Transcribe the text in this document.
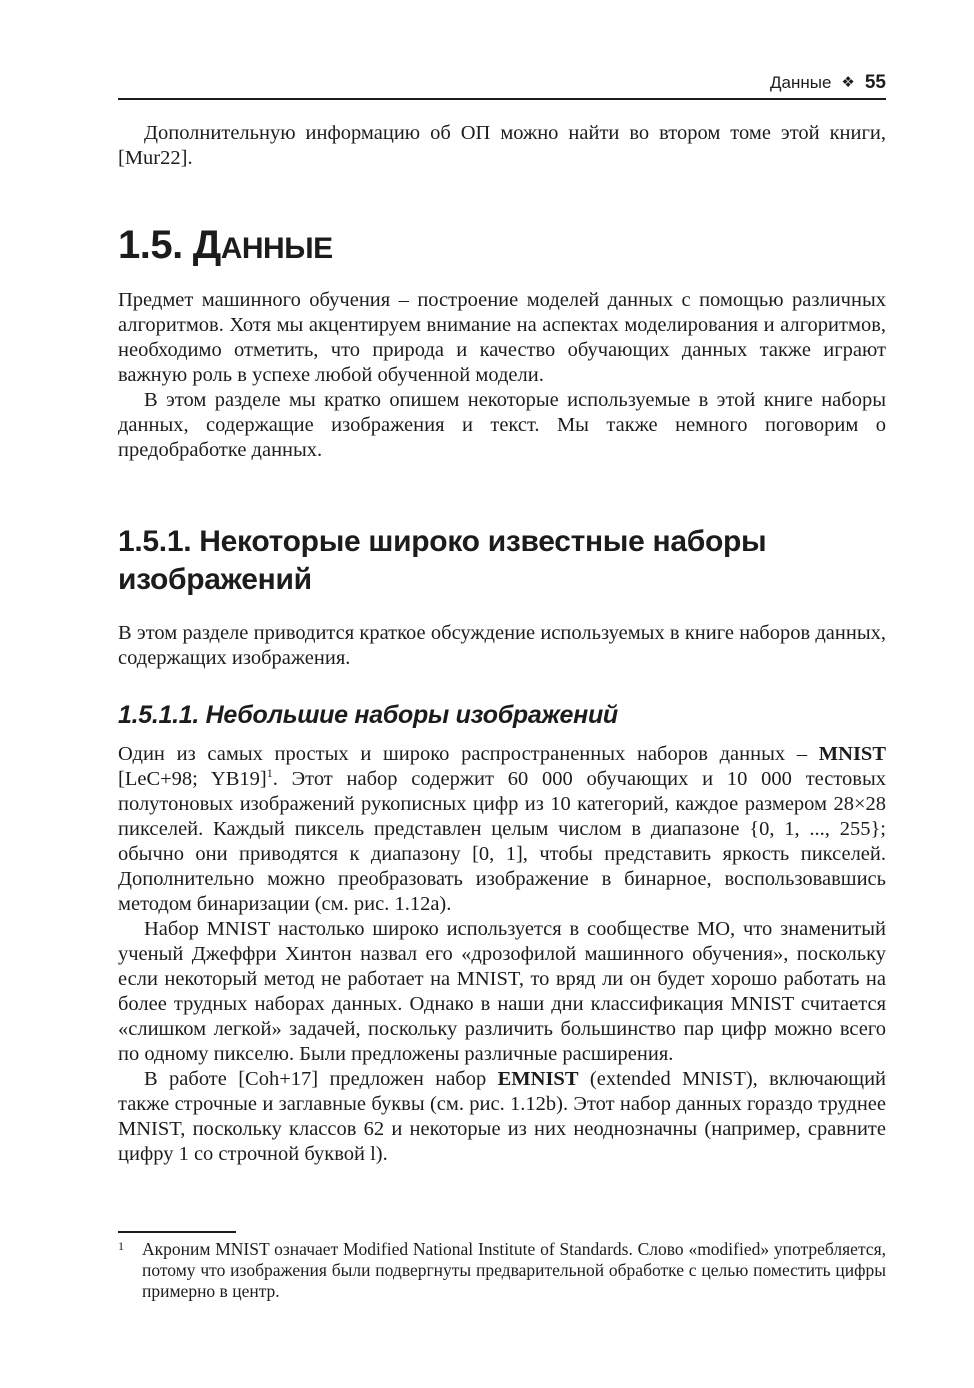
Данные ❖ 55

Дополнительную информацию об ОП можно найти во втором томе этой книги, [Mur22].

1.5. ДАННЫЕ

Предмет машинного обучения – построение моделей данных с помощью различных алгоритмов. Хотя мы акцентируем внимание на аспектах моделирования и алгоритмов, необходимо отметить, что природа и качество обучающих данных также играют важную роль в успехе любой обученной модели.

В этом разделе мы кратко опишем некоторые используемые в этой книге наборы данных, содержащие изображения и текст. Мы также немного поговорим о предобработке данных.

1.5.1. Некоторые широко известные наборы изображений

В этом разделе приводится краткое обсуждение используемых в книге наборов данных, содержащих изображения.

1.5.1.1. Небольшие наборы изображений

Один из самых простых и широко распространенных наборов данных – MNIST [LeC+98; YB19]$^1$. Этот набор содержит 60 000 обучающих и 10 000 тестовых полутоновых изображений рукописных цифр из 10 категорий, каждое размером 28×28 пикселей. Каждый пиксель представлен целым числом в диапазоне {0, 1, ..., 255}; обычно они приводятся к диапазону [0, 1], чтобы представить яркость пикселей. Дополнительно можно преобразовать изображение в бинарное, воспользовавшись методом бинаризации (см. рис. 1.12a).

Набор MNIST настолько широко используется в сообществе МО, что знаменитый ученый Джеффри Хинтон назвал его «дрозофилой машинного обучения», поскольку если некоторый метод не работает на MNIST, то вряд ли он будет хорошо работать на более трудных наборах данных. Однако в наши дни классификация MNIST считается «слишком легкой» задачей, поскольку различить большинство пар цифр можно всего по одному пикселю. Были предложены различные расширения.

В работе [Coh+17] предложен набор EMNIST (extended MNIST), включающий также строчные и заглавные буквы (см. рис. 1.12b). Этот набор данных гораздо труднее MNIST, поскольку классов 62 и некоторые из них неоднозначны (например, сравните цифру 1 со строчной буквой l).

1	Акроним MNIST означает Modified National Institute of Standards. Слово «modified» употребляется, потому что изображения были подвергнуты предварительной обработке с целью поместить цифры примерно в центр.
